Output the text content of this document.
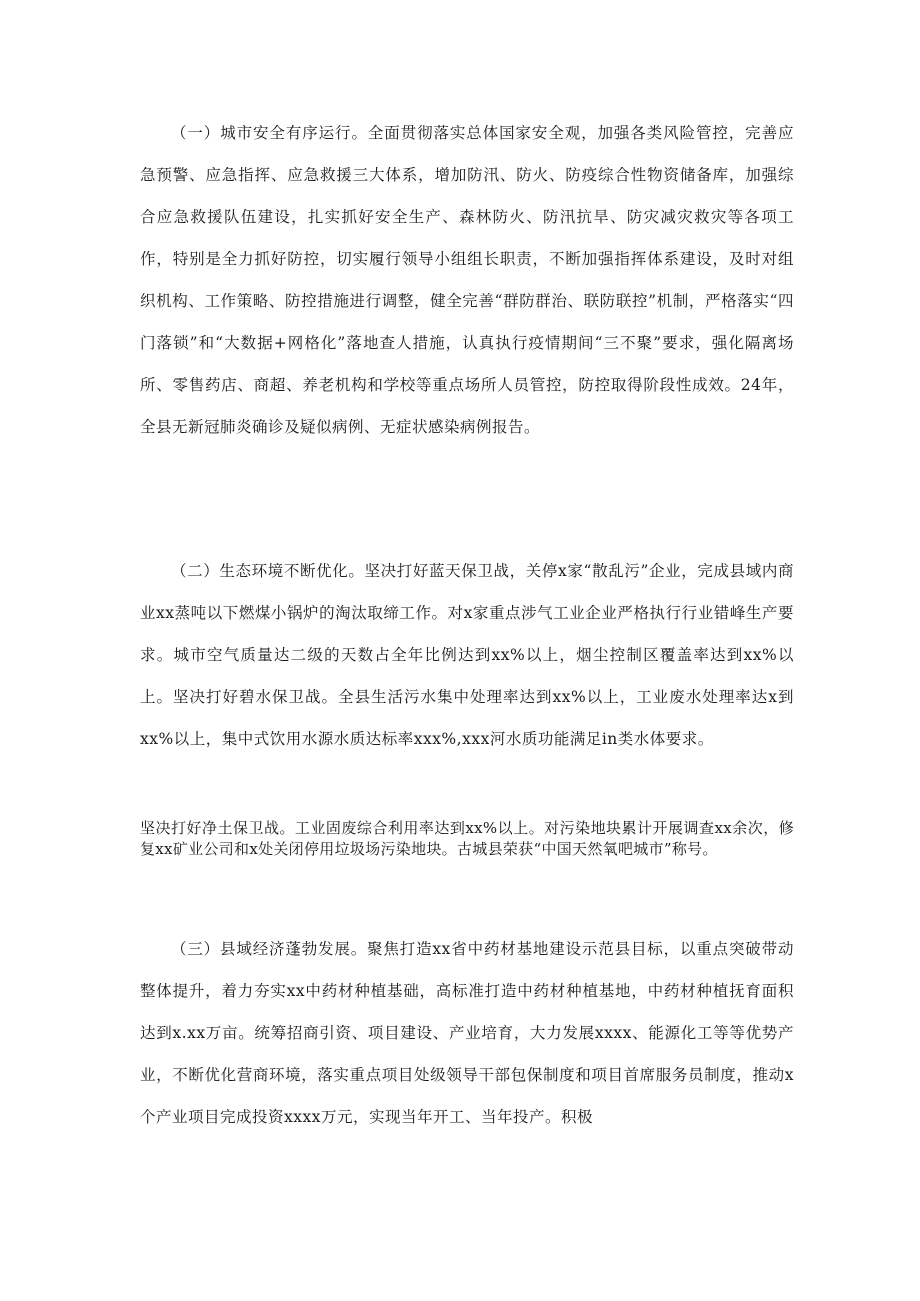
（一）城市安全有序运行。全面贯彻落实总体国家安全观，加强各类风险管控，完善应急预警、应急指挥、应急救援三大体系，增加防汛、防火、防疫综合性物资储备库，加强综合应急救援队伍建设，扎实抓好安全生产、森林防火、防汛抗旱、防灾减灾救灾等各项工作，特别是全力抓好防控，切实履行领导小组组长职责，不断加强指挥体系建设，及时对组织机构、工作策略、防控措施进行调整，健全完善“群防群治、联防联控”机制，严格落实“四门落锁”和“大数据+网格化”落地查人措施，认真执行疫情期间“三不聚”要求，强化隔离场所、零售药店、商超、养老机构和学校等重点场所人员管控，防控取得阶段性成效。24年，全县无新冠肺炎确诊及疑似病例、无症状感染病例报告。

（二）生态环境不断优化。坚决打好蓝天保卫战，关停x家“散乱污”企业，完成县域内商业xx蒸吨以下燃煤小锅炉的淘汰取缔工作。对x家重点涉气工业企业严格执行行业错峰生产要求。城市空气质量达二级的天数占全年比例达到xx%以上，烟尘控制区覆盖率达到xx%以上。坚决打好碧水保卫战。全县生活污水集中处理率达到xx%以上，工业废水处理率达x到xx%以上，集中式饮用水源水质达标率xxx%,xxx河水质功能满足in类水体要求。

坚决打好净土保卫战。工业固废综合利用率达到xx%以上。对污染地块累计开展调查xx余次，修复xx矿业公司和x处关闭停用垃圾场污染地块。古城县荣获“中国天然氧吧城市”称号。

（三）县域经济蓬勃发展。聚焦打造xx省中药材基地建设示范县目标，以重点突破带动整体提升，着力夯实xx中药材种植基础，高标准打造中药材种植基地，中药材种植抚育面积达到x.xx万亩。统筹招商引资、项目建设、产业培育，大力发展xxxx、能源化工等等优势产业，不断优化营商环境，落实重点项目处级领导干部包保制度和项目首席服务员制度，推动x个产业项目完成投资xxxx万元，实现当年开工、当年投产。积极
